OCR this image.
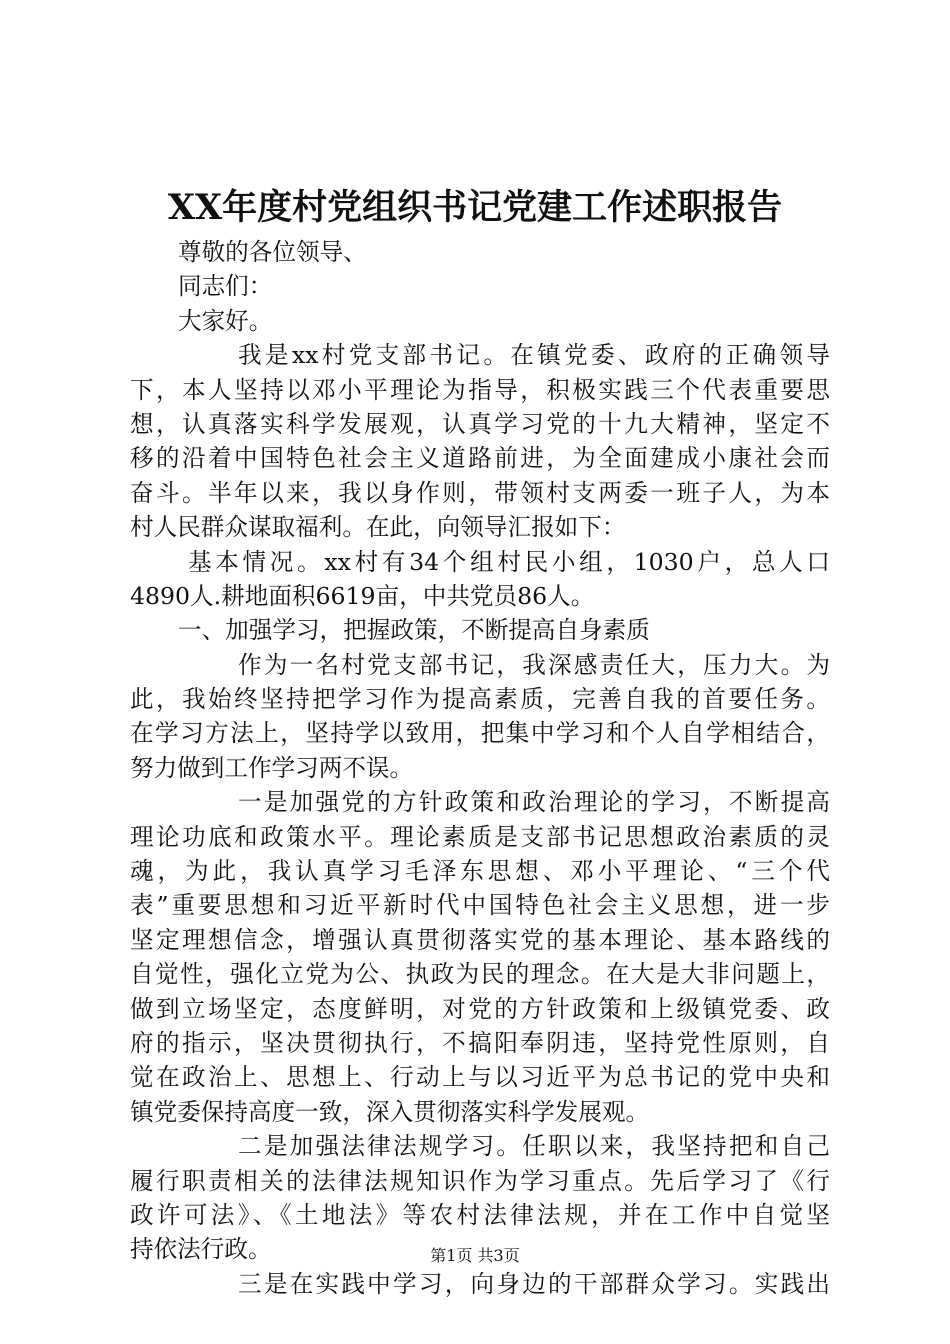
XX年度村党组织书记党建工作述职报告
尊敬的各位领导、
同志们：
大家好。
我是xx村党支部书记。在镇党委、政府的正确领导
下，本人坚持以邓小平理论为指导，积极实践三个代表重要思
想，认真落实科学发展观，认真学习党的十九大精神，坚定不
移的沿着中国特色社会主义道路前进，为全面建成小康社会而
奋斗。半年以来，我以身作则，带领村支两委一班子人，为本
村人民群众谋取福利。在此，向领导汇报如下：
基本情况。xx村有34个组村民小组，1030户，总人口
4890人.耕地面积6619亩，中共党员86人。
一、加强学习，把握政策，不断提高自身素质
作为一名村党支部书记，我深感责任大，压力大。为
此，我始终坚持把学习作为提高素质，完善自我的首要任务。
在学习方法上，坚持学以致用，把集中学习和个人自学相结合，
努力做到工作学习两不误。
一是加强党的方针政策和政治理论的学习，不断提高
理论功底和政策水平。理论素质是支部书记思想政治素质的灵
魂，为此，我认真学习毛泽东思想、邓小平理论、“三个代
表”重要思想和习近平新时代中国特色社会主义思想，进一步
坚定理想信念，增强认真贯彻落实党的基本理论、基本路线的
自觉性，强化立党为公、执政为民的理念。在大是大非问题上，
做到立场坚定，态度鲜明，对党的方针政策和上级镇党委、政
府的指示，坚决贯彻执行，不搞阳奉阴违，坚持党性原则，自
觉在政治上、思想上、行动上与以习近平为总书记的党中央和
镇党委保持高度一致，深入贯彻落实科学发展观。
二是加强法律法规学习。任职以来，我坚持把和自己
履行职责相关的法律法规知识作为学习重点。先后学习了《行
政许可法》、《土地法》等农村法律法规，并在工作中自觉坚
持依法行政。
三是在实践中学习，向身边的干部群众学习。实践出
第1页 共3页
